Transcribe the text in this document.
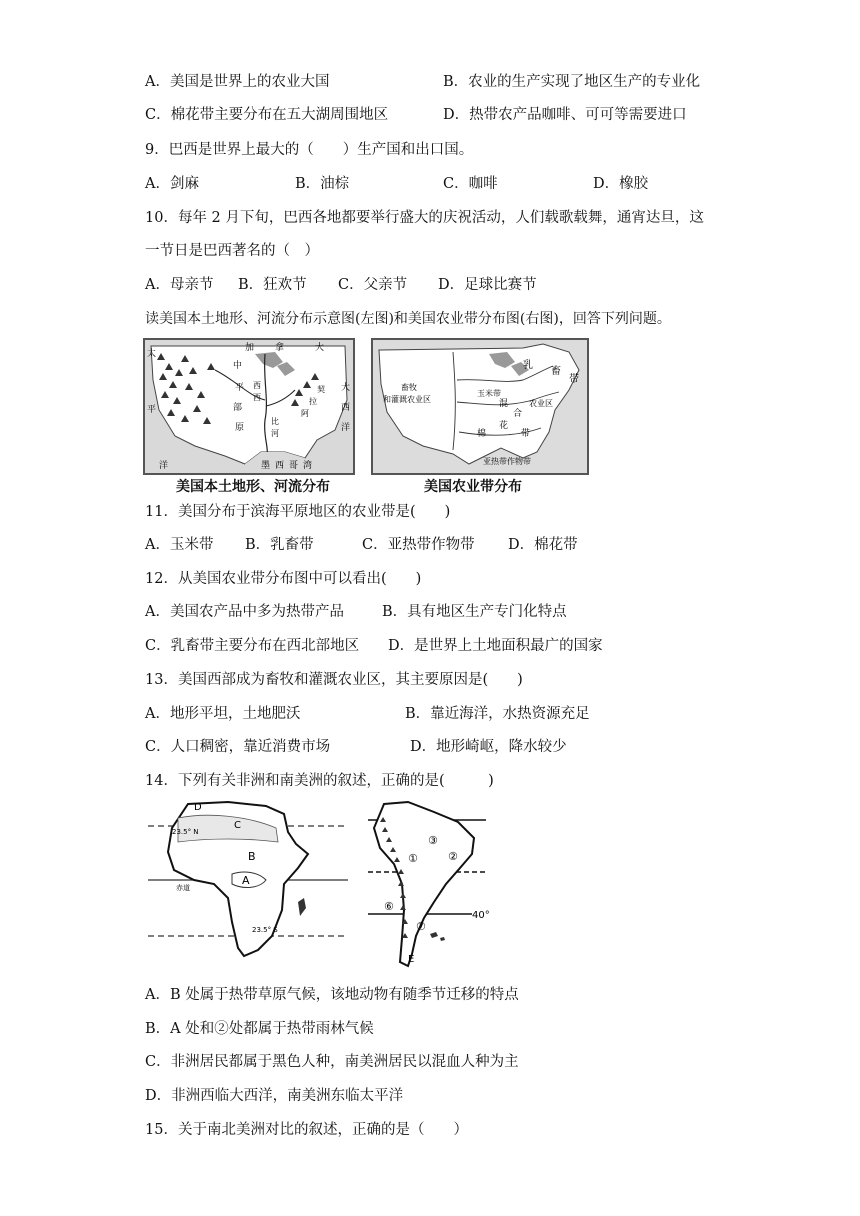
A．美国是世界上的农业大国	B．农业的生产实现了地区生产的专业化
C．棉花带主要分布在五大湖周围地区	D．热带农产品咖啡、可可等需要进口
9．巴西是世界上最大的（　　）生产国和出口国。
A．剑麻	B．油棕	C．咖啡	D．橡胶
10．每年 2 月下旬，巴西各地都要举行盛大的庆祝活动，人们载歌载舞，通宵达旦，这
一节日是巴西著名的（　）
A．母亲节 B．狂欢节 C．父亲节 D．足球比赛节
读美国本土地形、河流分布示意图(左图)和美国农业带分布图(右图)，回答下列问题。
加 拿	大
太
平
洋
大
西
洋
墨 西 哥 湾
西
西
比
河
平
原
中
部
阿
拉
契
美国本土地形、河流分布
畜牧
和灌溉农业区
乳
畜
带
玉米带
混
合
农业区
棉
花
带
亚热带作物带
美国农业带分布
11．美国分布于滨海平原地区的农业带是(　　)
A．玉米带 B．乳畜带	C．亚热带作物带 D．棉花带
12．从美国农业带分布图中可以看出(　　)
A．美国农产品中多为热带产品	B．具有地区生产专门化特点
C．乳畜带主要分布在西北部地区 D．是世界上土地面积最广的国家
13．美国西部成为畜牧和灌溉农业区，其主要原因是(　　)
A．地形平坦，土地肥沃	B．靠近海洋，水热资源充足
C．人口稠密，靠近消费市场	D．地形崎岖，降水较少
14．下列有关非洲和南美洲的叙述，正确的是(　　　)
D
C
23.5° N
B
A
赤道
23.5° S
③
①	②
⑥
⑦
40°
E
A．B 处属于热带草原气候，该地动物有随季节迁移的特点
B．A 处和②处都属于热带雨林气候
C．非洲居民都属于黑色人种，南美洲居民以混血人种为主
D．非洲西临大西洋，南美洲东临太平洋
15．关于南北美洲对比的叙述，正确的是（　　）
